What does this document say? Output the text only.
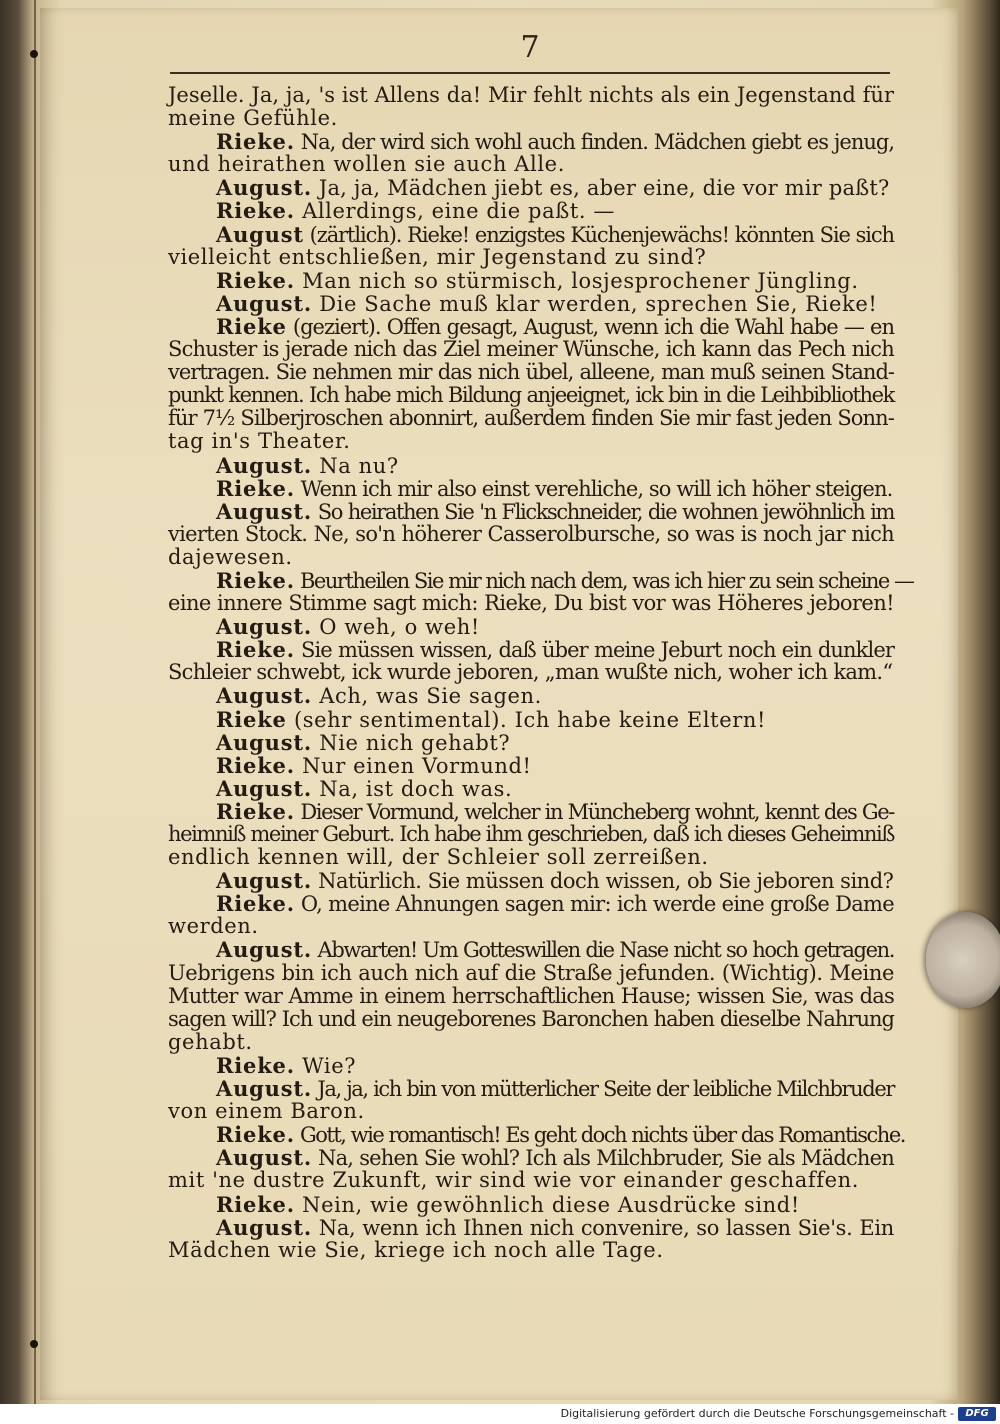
7
Jeselle. Ja, ja, 's ist Allens da! Mir fehlt nichts als ein Jegenstand für
meine Gefühle.
Rieke. Na, der wird sich wohl auch finden. Mädchen giebt es jenug,
und heirathen wollen sie auch Alle.
August. Ja, ja, Mädchen jiebt es, aber eine, die vor mir paßt?
Rieke. Allerdings, eine die paßt. —
August (zärtlich). Rieke! enzigstes Küchenjewächs! könnten Sie sich
vielleicht entschließen, mir Jegenstand zu sind?
Rieke. Man nich so stürmisch, losjesprochener Jüngling.
August. Die Sache muß klar werden, sprechen Sie, Rieke!
Rieke (geziert). Offen gesagt, August, wenn ich die Wahl habe — en
Schuster is jerade nich das Ziel meiner Wünsche, ich kann das Pech nich
vertragen. Sie nehmen mir das nich übel, alleene, man muß seinen Stand-
punkt kennen. Ich habe mich Bildung anjeeignet, ick bin in die Leihbibliothek
für 7½ Silberjroschen abonnirt, außerdem finden Sie mir fast jeden Sonn-
tag in's Theater.
August. Na nu?
Rieke. Wenn ich mir also einst verehliche, so will ich höher steigen.
August. So heirathen Sie 'n Flickschneider, die wohnen jewöhnlich im
vierten Stock. Ne, so'n höherer Casserolbursche, so was is noch jar nich
dajewesen.
Rieke. Beurtheilen Sie mir nich nach dem, was ich hier zu sein scheine —
eine innere Stimme sagt mich: Rieke, Du bist vor was Höheres jeboren!
August. O weh, o weh!
Rieke. Sie müssen wissen, daß über meine Jeburt noch ein dunkler
Schleier schwebt, ick wurde jeboren, „man wußte nich, woher ich kam.“
August. Ach, was Sie sagen.
Rieke (sehr sentimental). Ich habe keine Eltern!
August. Nie nich gehabt?
Rieke. Nur einen Vormund!
August. Na, ist doch was.
Rieke. Dieser Vormund, welcher in Müncheberg wohnt, kennt des Ge-
heimniß meiner Geburt. Ich habe ihm geschrieben, daß ich dieses Geheimniß
endlich kennen will, der Schleier soll zerreißen.
August. Natürlich. Sie müssen doch wissen, ob Sie jeboren sind?
Rieke. O, meine Ahnungen sagen mir: ich werde eine große Dame
werden.
August. Abwarten! Um Gotteswillen die Nase nicht so hoch getragen.
Uebrigens bin ich auch nich auf die Straße jefunden. (Wichtig). Meine
Mutter war Amme in einem herrschaftlichen Hause; wissen Sie, was das
sagen will? Ich und ein neugeborenes Baronchen haben dieselbe Nahrung
gehabt.
Rieke. Wie?
August. Ja, ja, ich bin von mütterlicher Seite der leibliche Milchbruder
von einem Baron.
Rieke. Gott, wie romantisch! Es geht doch nichts über das Romantische.
August. Na, sehen Sie wohl? Ich als Milchbruder, Sie als Mädchen
mit 'ne dustre Zukunft, wir sind wie vor einander geschaffen.
Rieke. Nein, wie gewöhnlich diese Ausdrücke sind!
August. Na, wenn ich Ihnen nich convenire, so lassen Sie's. Ein
Mädchen wie Sie, kriege ich noch alle Tage.
Digitalisierung gefördert durch die Deutsche Forschungsgemeinschaft -	DFG
